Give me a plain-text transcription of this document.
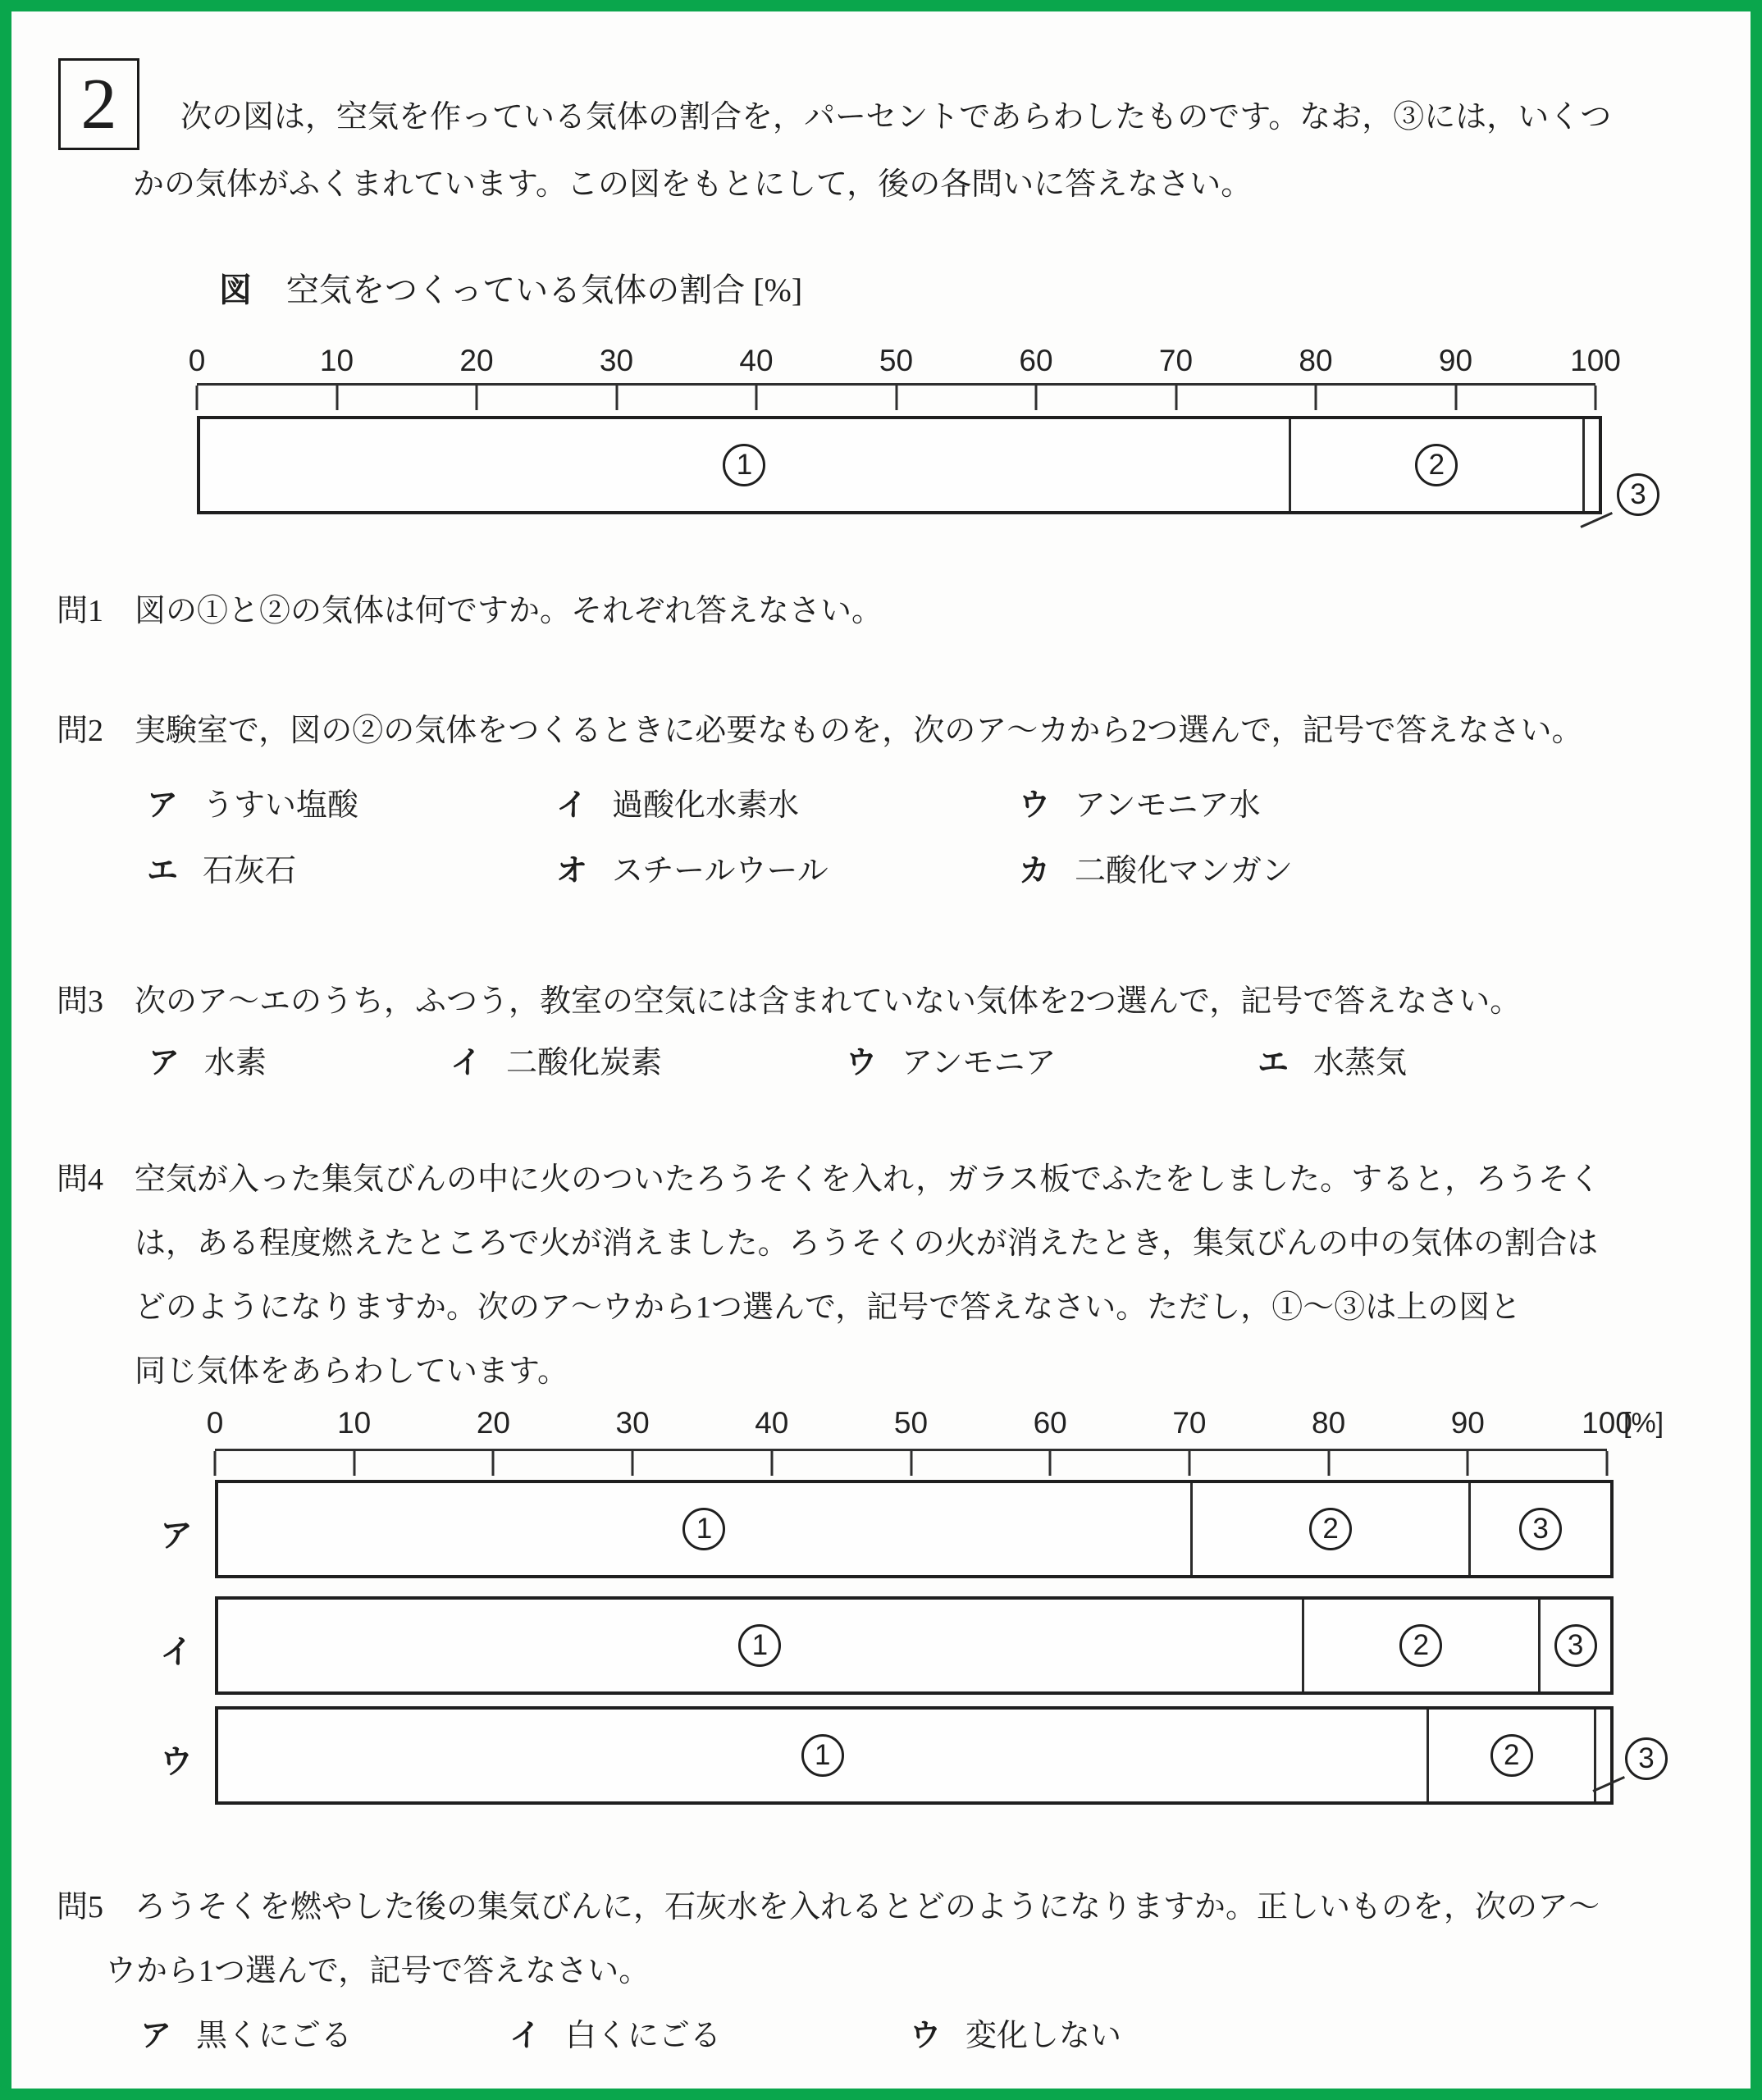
2	次の図は，空気を作っている気体の割合を，パーセントであらわしたものです。なお，③には，いくつ
かの気体がふくまれています。この図をもとにして，後の各問いに答えなさい。
図 空気をつくっている気体の割合 [%]
0	10	20	30	40	50	60	70	80	90	100
1	2
3
問1 図の①と②の気体は何ですか。それぞれ答えなさい。
問2 実験室で，図の②の気体をつくるときに必要なものを，次のア～カから2つ選んで，記号で答えなさい。
ア うすい塩酸	イ 過酸化水素水	ウ アンモニア水
エ 石灰石	オ スチールウール	カ 二酸化マンガン
問3 次のア～エのうち，ふつう，教室の空気には含まれていない気体を2つ選んで，記号で答えなさい。
ア 水素	イ 二酸化炭素	ウ アンモニア	エ 水蒸気
問4 空気が入った集気びんの中に火のついたろうそくを入れ，ガラス板でふたをしました。すると，ろうそく
は，ある程度燃えたところで火が消えました。ろうそくの火が消えたとき，集気びんの中の気体の割合は
どのようになりますか。次のア～ウから1つ選んで，記号で答えなさい。ただし，①～③は上の図と
同じ気体をあらわしています。
0	10	20	30	40	50	60	70	80	90	100
[%]
ア	1	2	3
イ	1	2	3
ウ	1	2	3
問5 ろうそくを燃やした後の集気びんに，石灰水を入れるとどのようになりますか。正しいものを，次のア～
ウから1つ選んで，記号で答えなさい。
ア 黒くにごる	イ 白くにごる	ウ 変化しない
